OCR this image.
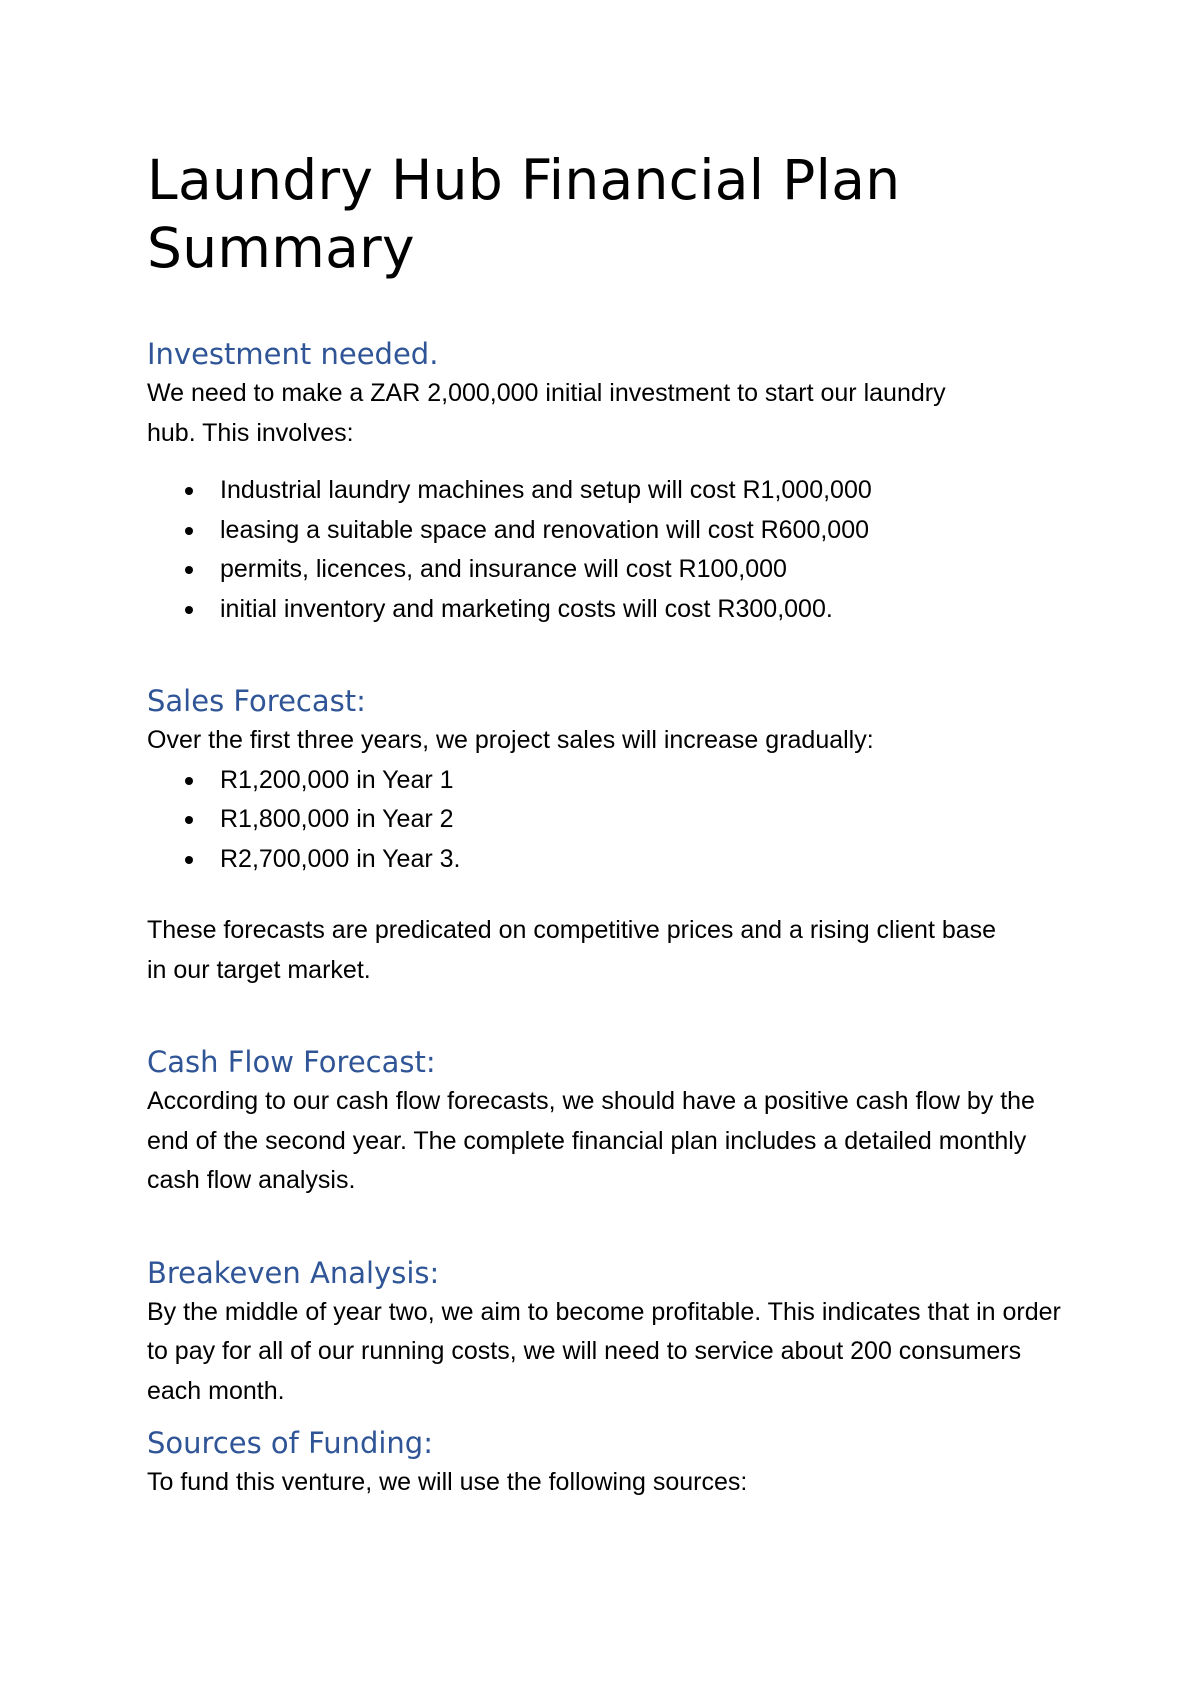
Laundry Hub Financial Plan
Summary
Investment needed.

We need to make a ZAR 2,000,000 initial investment to start our laundry hub. This involves:

Industrial laundry machines and setup will cost R1,000,000
leasing a suitable space and renovation will cost R600,000
permits, licences, and insurance will cost R100,000
initial inventory and marketing costs will cost R300,000.
Sales Forecast:

Over the first three years, we project sales will increase gradually:

R1,200,000 in Year 1
R1,800,000 in Year 2
R2,700,000 in Year 3.

These forecasts are predicated on competitive prices and a rising client base in our target market.

Cash Flow Forecast:

According to our cash flow forecasts, we should have a positive cash flow by the end of the second year. The complete financial plan includes a detailed monthly cash flow analysis.

Breakeven Analysis:

By the middle of year two, we aim to become profitable. This indicates that in order to pay for all of our running costs, we will need to service about 200 consumers each month.

Sources of Funding:

To fund this venture, we will use the following sources:
